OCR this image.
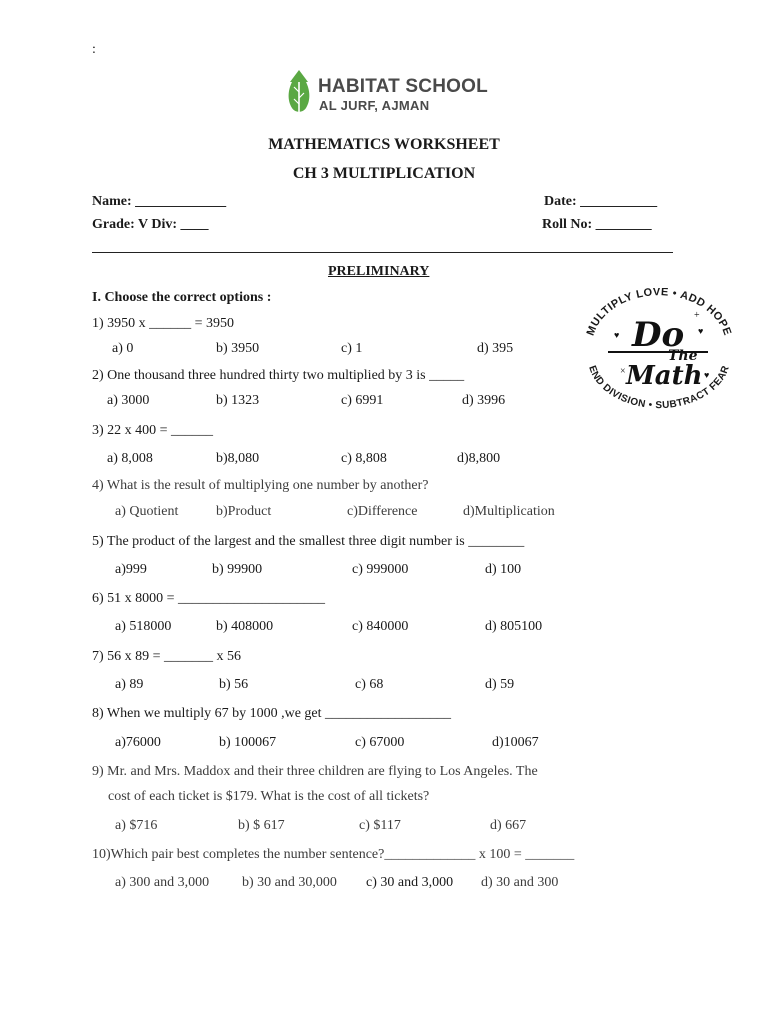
:
HABITAT SCHOOL
AL JURF, AJMAN
MATHEMATICS WORKSHEET
CH 3 MULTIPLICATION
Name: _____________	Date: ___________
Grade: V Div: ____	Roll No: ________
PRELIMINARY
I. Choose the correct options :
MULTIPLY LOVE • ADD HOPE
END DIVISION • SUBTRACT FEAR
Do
The
Math
♥	♥
♥
+
×
1) 3950 x ______ = 3950
a) 0	b) 3950	c) 1	d) 395
2) One thousand three hundred thirty two multiplied by 3 is _____
a) 3000	b) 1323	c) 6991	d) 3996
3) 22 x 400 = ______
a) 8,008	b)8,080	c) 8,808	d)8,800
4) What is the result of multiplying one number by another?
a) Quotient	b)Product	c)Difference	d)Multiplication
5) The product of the largest and the smallest three digit number is ________
a)999	b) 99900	c) 999000	d) 100
6) 51 x 8000 = _____________________
a) 518000	b) 408000	c) 840000	d) 805100
7) 56 x 89 = _______ x 56
a) 89	b) 56	c) 68	d) 59
8) When we multiply 67 by 1000 ,we get __________________
a)76000	b) 100067	c) 67000	d)10067
9) Mr. and Mrs. Maddox and their three children are flying to Los Angeles. The
cost of each ticket is $179. What is the cost of all tickets?
a) $716	b) $ 617	c) $117	d) 667
10)Which pair best completes the number sentence?_____________ x 100 = _______
a) 300 and 3,000 b) 30 and 30,000 c) 30 and 3,000 d) 30 and 300
